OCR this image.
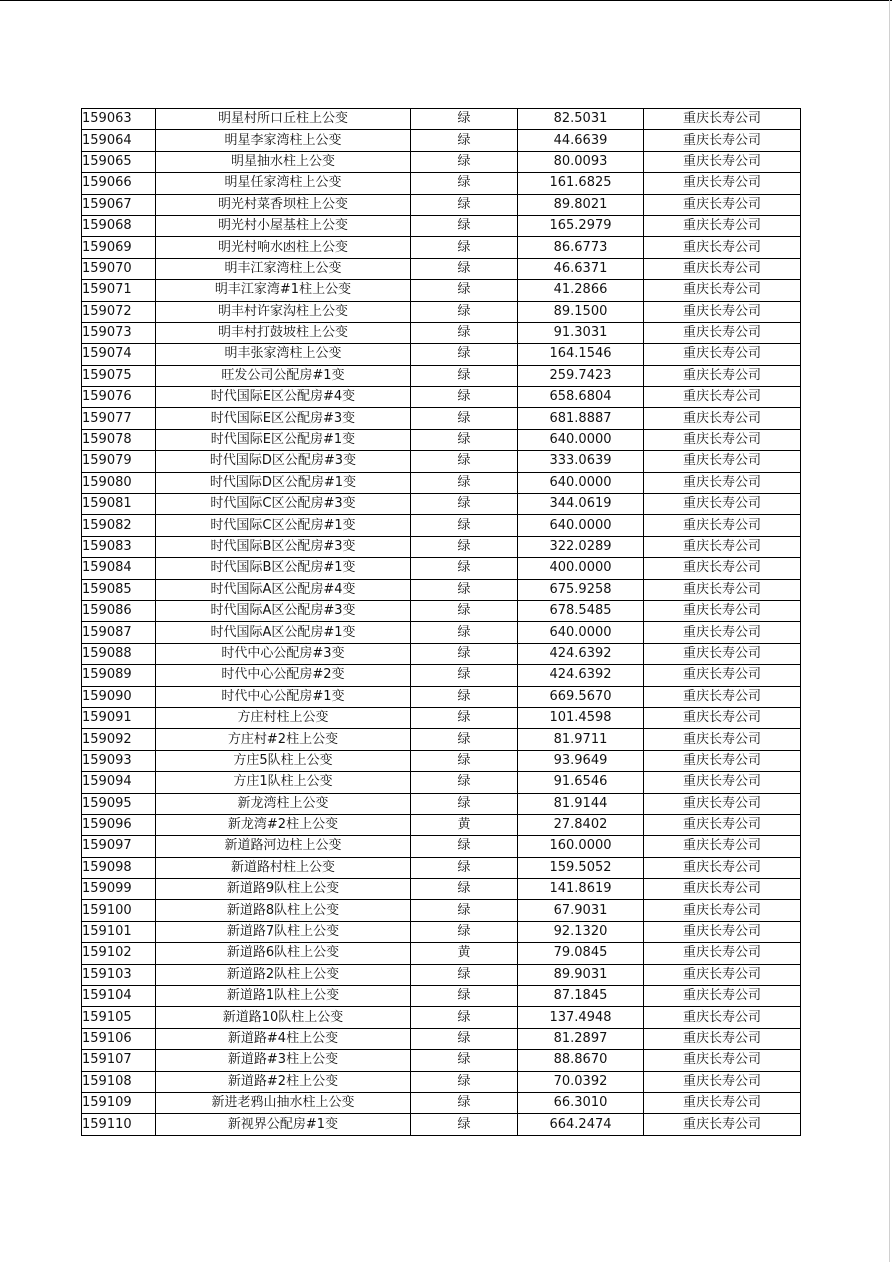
159063	明星村所口丘柱上公变	绿	82.5031	重庆长寿公司
159064	明星李家湾柱上公变	绿	44.6639	重庆长寿公司
159065	明星抽水柱上公变	绿	80.0093	重庆长寿公司
159066	明星任家湾柱上公变	绿	161.6825	重庆长寿公司
159067	明光村菜香坝柱上公变	绿	89.8021	重庆长寿公司
159068	明光村小屋基柱上公变	绿	165.2979	重庆长寿公司
159069	明光村响水凼柱上公变	绿	86.6773	重庆长寿公司
159070	明丰江家湾柱上公变	绿	46.6371	重庆长寿公司
159071	明丰江家湾#1柱上公变	绿	41.2866	重庆长寿公司
159072	明丰村许家沟柱上公变	绿	89.1500	重庆长寿公司
159073	明丰村打鼓坡柱上公变	绿	91.3031	重庆长寿公司
159074	明丰张家湾柱上公变	绿	164.1546	重庆长寿公司
159075	旺发公司公配房#1变	绿	259.7423	重庆长寿公司
159076	时代国际E区公配房#4变	绿	658.6804	重庆长寿公司
159077	时代国际E区公配房#3变	绿	681.8887	重庆长寿公司
159078	时代国际E区公配房#1变	绿	640.0000	重庆长寿公司
159079	时代国际D区公配房#3变	绿	333.0639	重庆长寿公司
159080	时代国际D区公配房#1变	绿	640.0000	重庆长寿公司
159081	时代国际C区公配房#3变	绿	344.0619	重庆长寿公司
159082	时代国际C区公配房#1变	绿	640.0000	重庆长寿公司
159083	时代国际B区公配房#3变	绿	322.0289	重庆长寿公司
159084	时代国际B区公配房#1变	绿	400.0000	重庆长寿公司
159085	时代国际A区公配房#4变	绿	675.9258	重庆长寿公司
159086	时代国际A区公配房#3变	绿	678.5485	重庆长寿公司
159087	时代国际A区公配房#1变	绿	640.0000	重庆长寿公司
159088	时代中心公配房#3变	绿	424.6392	重庆长寿公司
159089	时代中心公配房#2变	绿	424.6392	重庆长寿公司
159090	时代中心公配房#1变	绿	669.5670	重庆长寿公司
159091	方庄村柱上公变	绿	101.4598	重庆长寿公司
159092	方庄村#2柱上公变	绿	81.9711	重庆长寿公司
159093	方庄5队柱上公变	绿	93.9649	重庆长寿公司
159094	方庄1队柱上公变	绿	91.6546	重庆长寿公司
159095	新龙湾柱上公变	绿	81.9144	重庆长寿公司
159096	新龙湾#2柱上公变	黄	27.8402	重庆长寿公司
159097	新道路河边柱上公变	绿	160.0000	重庆长寿公司
159098	新道路村柱上公变	绿	159.5052	重庆长寿公司
159099	新道路9队柱上公变	绿	141.8619	重庆长寿公司
159100	新道路8队柱上公变	绿	67.9031	重庆长寿公司
159101	新道路7队柱上公变	绿	92.1320	重庆长寿公司
159102	新道路6队柱上公变	黄	79.0845	重庆长寿公司
159103	新道路2队柱上公变	绿	89.9031	重庆长寿公司
159104	新道路1队柱上公变	绿	87.1845	重庆长寿公司
159105	新道路10队柱上公变	绿	137.4948	重庆长寿公司
159106	新道路#4柱上公变	绿	81.2897	重庆长寿公司
159107	新道路#3柱上公变	绿	88.8670	重庆长寿公司
159108	新道路#2柱上公变	绿	70.0392	重庆长寿公司
159109	新进老鸦山抽水柱上公变	绿	66.3010	重庆长寿公司
159110	新视界公配房#1变	绿	664.2474	重庆长寿公司
